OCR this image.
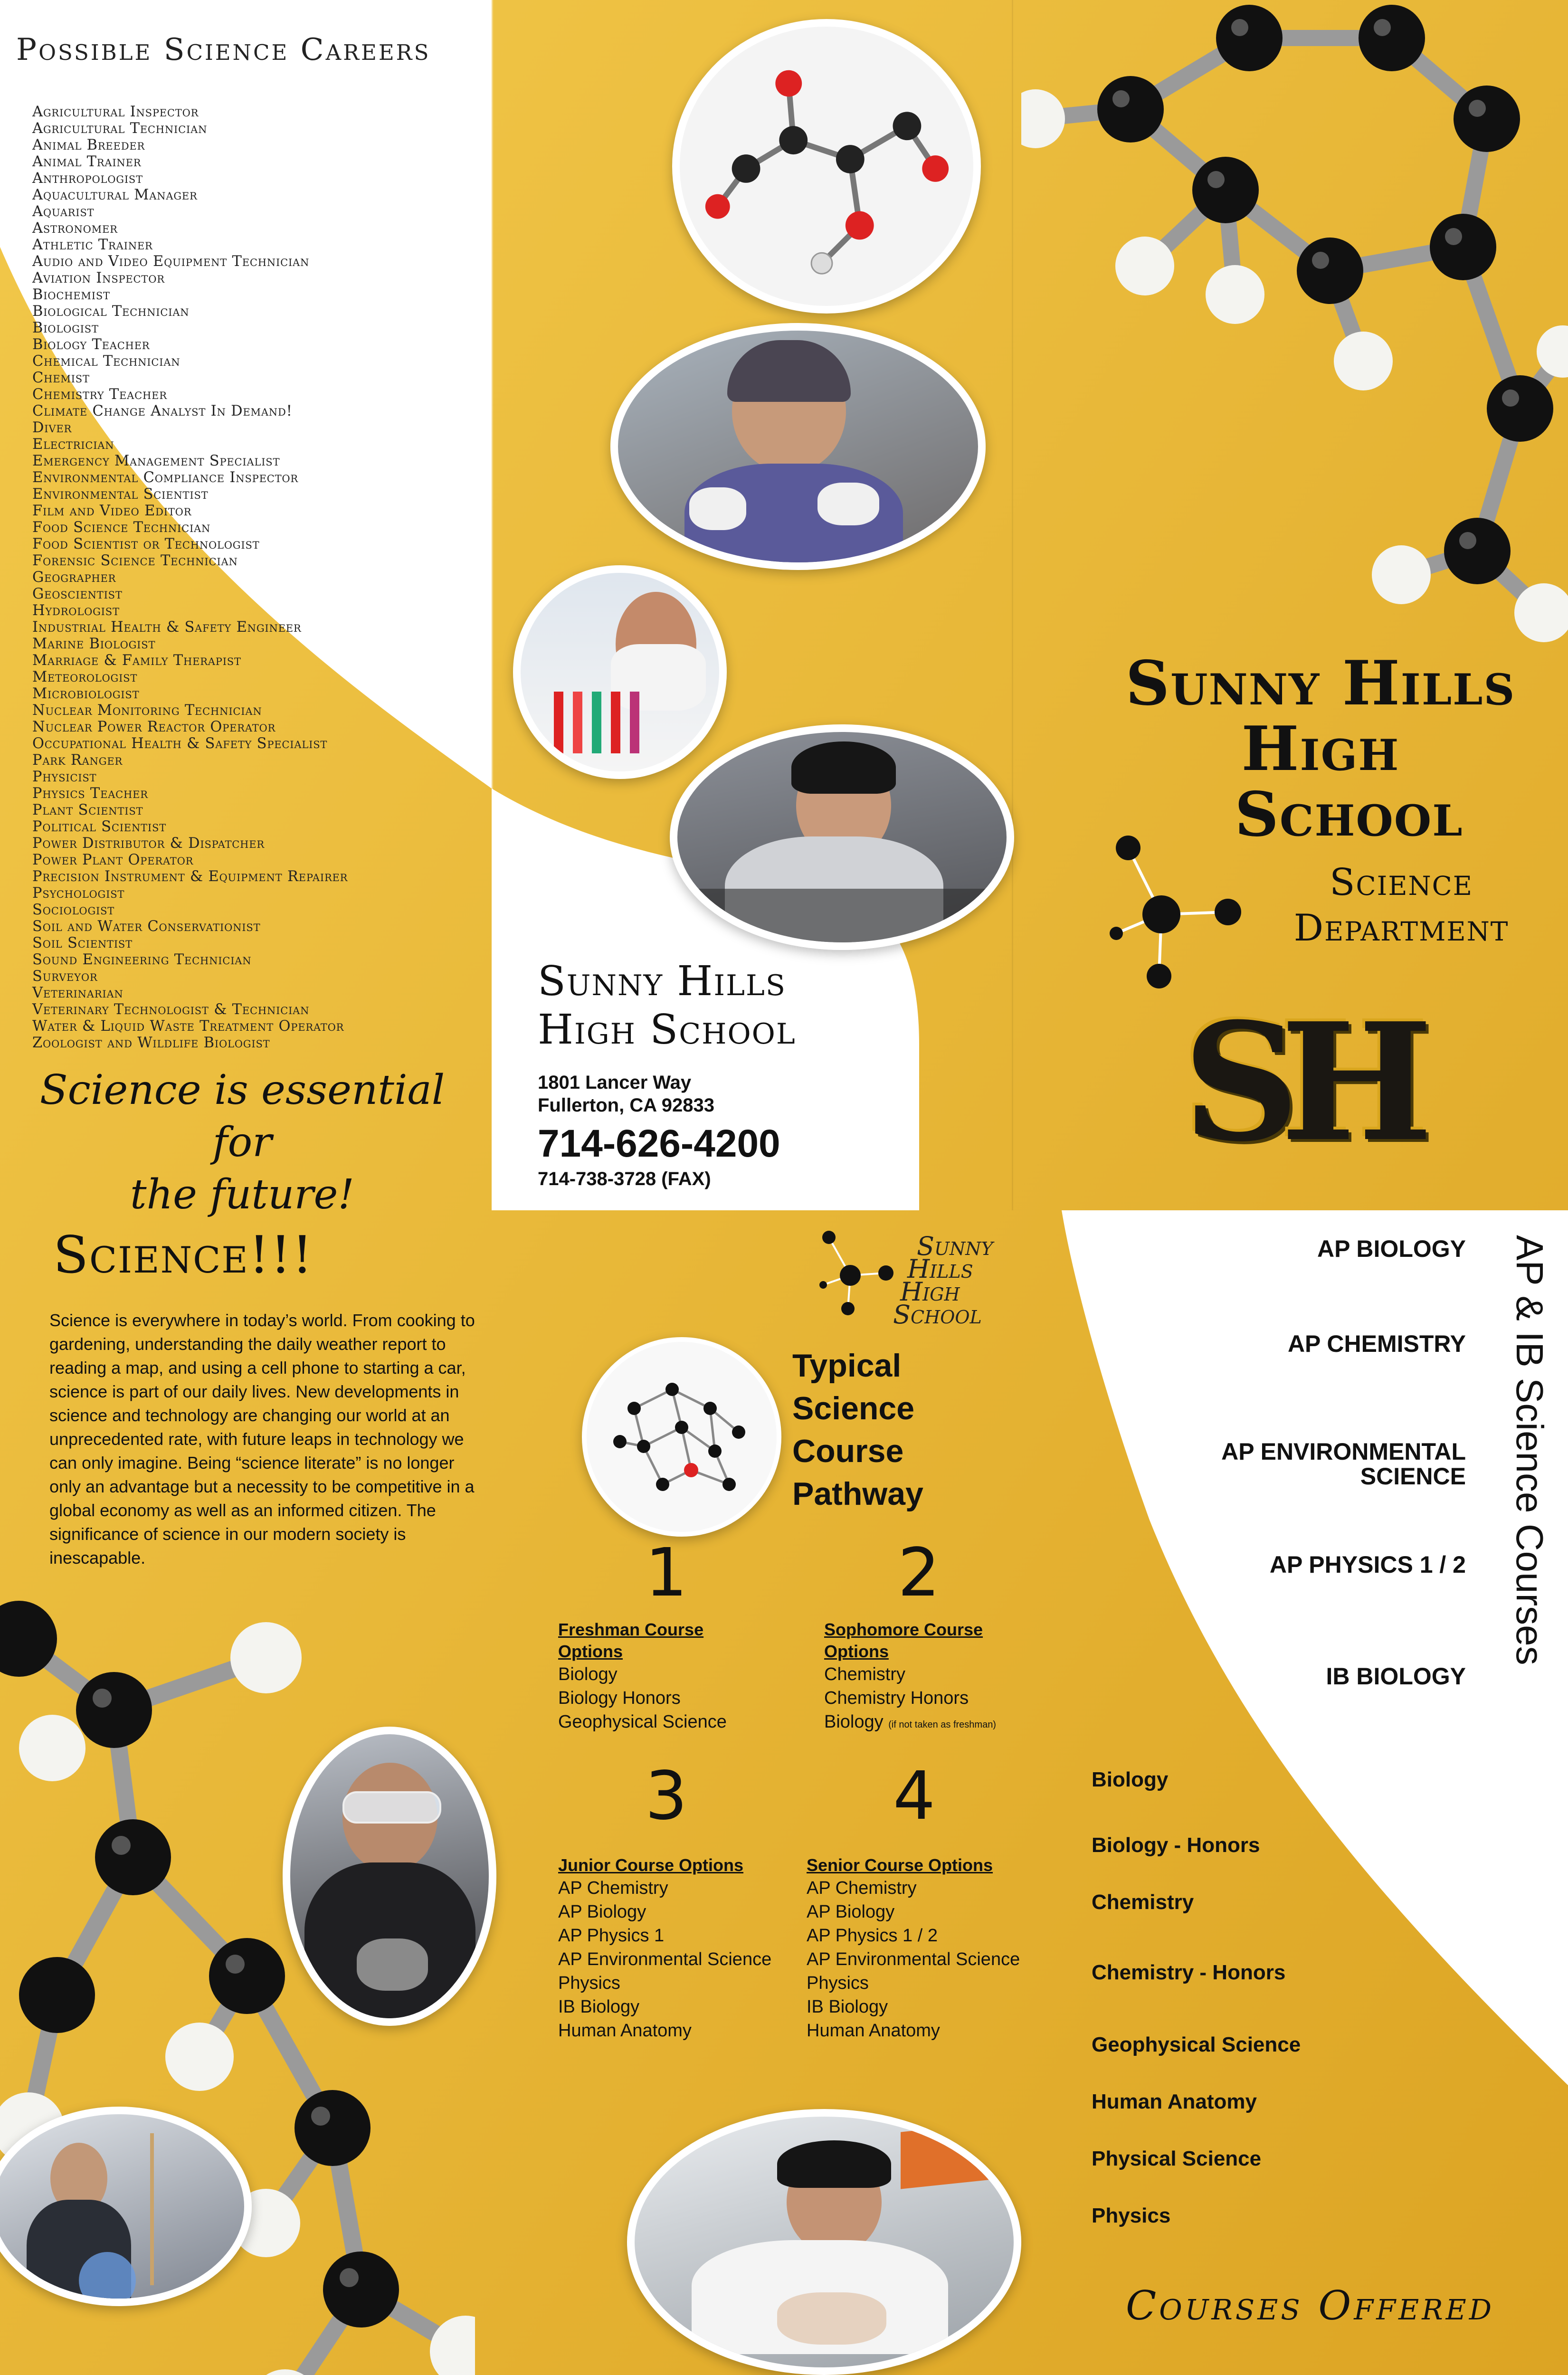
Possible Science Careers
Agricultural Inspector
Agricultural Technician
Animal Breeder
Animal Trainer
Anthropologist
Aquacultural Manager
Aquarist
Astronomer
Athletic Trainer
Audio and Video Equipment Technician
Aviation Inspector
Biochemist
Biological Technician
Biologist
Biology Teacher
Chemical Technician
Chemist
Chemistry Teacher
Climate Change Analyst In Demand!
Diver
Electrician
Emergency Management Specialist
Environmental Compliance Inspector
Environmental Scientist
Film and Video Editor
Food Science Technician
Food Scientist or Technologist
Forensic Science Technician
Geographer
Geoscientist
Hydrologist
Industrial Health & Safety Engineer
Marine Biologist
Marriage & Family Therapist
Meteorologist
Microbiologist
Nuclear Monitoring Technician
Nuclear Power Reactor Operator
Occupational Health & Safety Specialist
Park Ranger
Physicist
Physics Teacher
Plant Scientist
Political Scientist
Power Distributor & Dispatcher
Power Plant Operator
Precision Instrument & Equipment Repairer
Psychologist
Sociologist
Soil and Water Conservationist
Soil Scientist
Sound Engineering Technician
Surveyor
Veterinarian
Veterinary Technologist & Technician
Water & Liquid Waste Treatment Operator
Zoologist and Wildlife Biologist
Science is essential for
the future!
Sunny Hills
High School
1801 Lancer Way
Fullerton, CA 92833
714-626-4200
714-738-3728 (FAX)
Sunny Hills
High
School
Science
Department
SH
Science!!!
Science is everywhere in today’s world. From cooking to gardening, understanding the daily weather report to reading a map, and using a cell phone to starting a car, science is part of our daily lives. New developments in science and technology are changing our world at an unprecedented rate, with future leaps in technology we can only imagine. Being “science literate” is no longer only an advantage but a necessity to be competitive in a global economy as well as an informed citizen. The significance of science in our modern society is inescapable.
Sunny
Hills
High
School
Typical
Science
Course
Pathway
1
Freshman Course
Options
Biology
Biology Honors
Geophysical Science
2
Sophomore Course
Options
Chemistry
Chemistry Honors
Biology (if not taken as freshman)
3
Junior Course Options
AP Chemistry
AP Biology
AP Physics 1
AP Environmental Science
Physics
IB Biology
Human Anatomy
4
Senior Course Options
AP Chemistry
AP Biology
AP Physics 1 / 2
AP Environmental Science
Physics
IB Biology
Human Anatomy
AP & IB Science Courses
AP BIOLOGY
AP CHEMISTRY
AP ENVIRONMENTAL
SCIENCE
AP PHYSICS 1 / 2
IB BIOLOGY
Biology
Biology - Honors
Chemistry
Chemistry - Honors
Geophysical Science
Human Anatomy
Physical Science
Physics
Courses Offered
